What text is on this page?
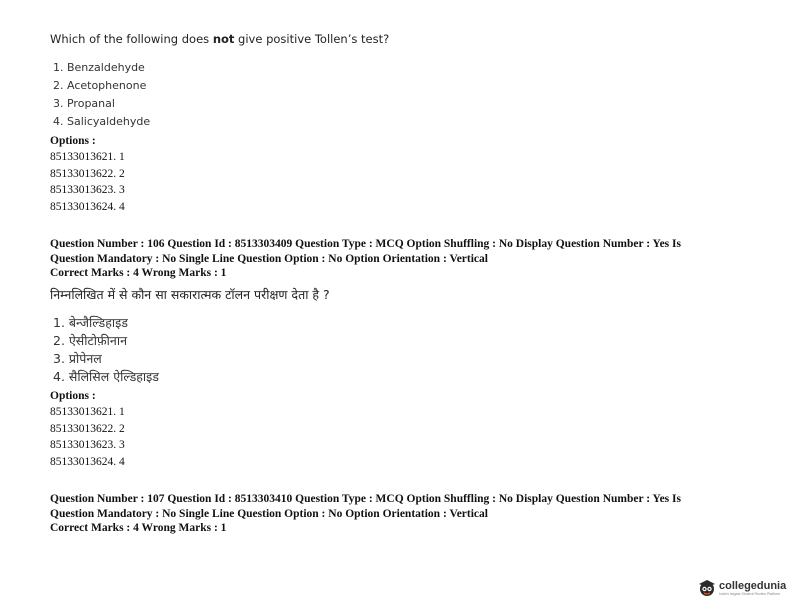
Which of the following does not give positive Tollen’s test?
1. Benzaldehyde
2. Acetophenone
3. Propanal
4. Salicyaldehyde
Options :
85133013621. 1
85133013622. 2
85133013623. 3
85133013624. 4
Question Number : 106 Question Id : 8513303409 Question Type : MCQ Option Shuffling : No Display Question Number : Yes Is
Question Mandatory : No Single Line Question Option : No Option Orientation : Vertical
Correct Marks : 4 Wrong Marks : 1
निम्नलिखित में से कौन सा सकारात्मक टॉलन परीक्षण देता है ?
1. बेन्जैल्डिहाइड
2. ऐसीटोफ़ीनान
3. प्रोपेनल
4. सैलिसिल ऐल्डिहाइड
Options :
85133013621. 1
85133013622. 2
85133013623. 3
85133013624. 4
Question Number : 107 Question Id : 8513303410 Question Type : MCQ Option Shuffling : No Display Question Number : Yes Is
Question Mandatory : No Single Line Question Option : No Option Orientation : Vertical
Correct Marks : 4 Wrong Marks : 1
collegedunia
India's largest Student Review Platform
